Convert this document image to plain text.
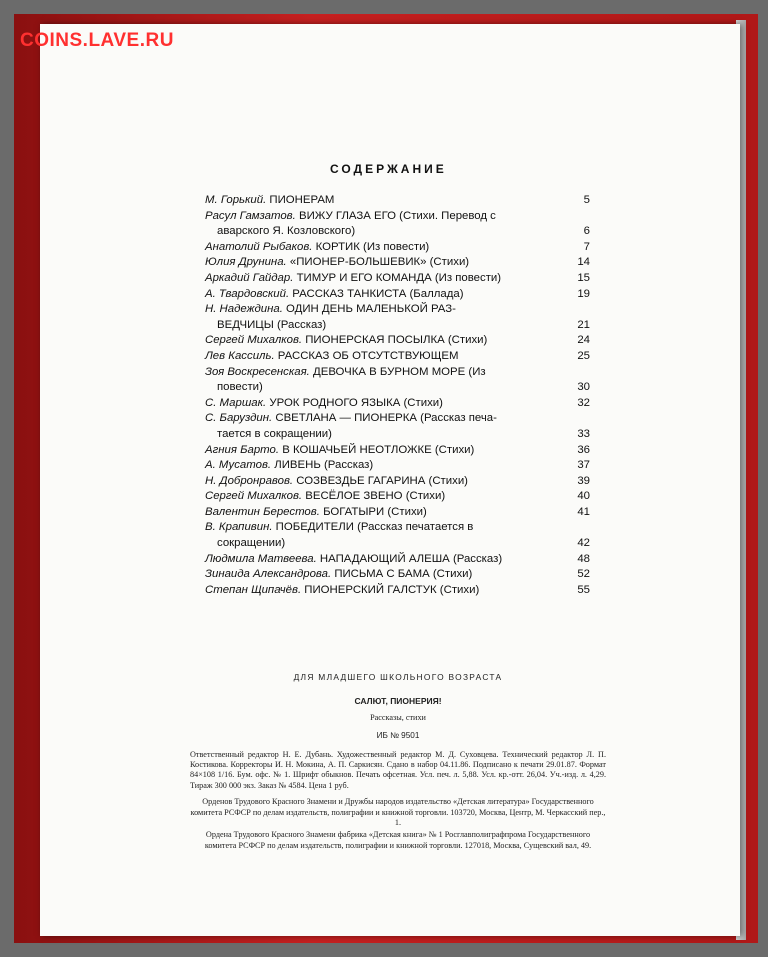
COINS.LAVE.RU
СОДЕРЖАНИЕ
М. Горький. ПИОНЕРАМ	5
Расул Гамзатов. ВИЖУ ГЛАЗА ЕГО (Стихи. Перевод с
аварского Я. Козловского)	6
Анатолий Рыбаков. КОРТИК (Из повести)	7
Юлия Друнина. «ПИОНЕР-БОЛЬШЕВИК» (Стихи)	14
Аркадий Гайдар. ТИМУР И ЕГО КОМАНДА (Из повести)	15
А. Твардовский. РАССКАЗ ТАНКИСТА (Баллада)	19
Н. Надеждина. ОДИН ДЕНЬ МАЛЕНЬКОЙ РАЗ-
ВЕДЧИЦЫ (Рассказ)	21
Сергей Михалков. ПИОНЕРСКАЯ ПОСЫЛКА (Стихи)	24
Лев Кассиль. РАССКАЗ ОБ ОТСУТСТВУЮЩЕМ	25
Зоя Воскресенская. ДЕВОЧКА В БУРНОМ МОРЕ (Из
повести)	30
С. Маршак. УРОК РОДНОГО ЯЗЫКА (Стихи)	32
С. Баруздин. СВЕТЛАНА — ПИОНЕРКА (Рассказ печа-
тается в сокращении)	33
Агния Барто. В КОШАЧЬЕЙ НЕОТЛОЖКЕ (Стихи)	36
А. Мусатов. ЛИВЕНЬ (Рассказ)	37
Н. Добронравов. СОЗВЕЗДЬЕ ГАГАРИНА (Стихи)	39
Сергей Михалков. ВЕСЁЛОЕ ЗВЕНО (Стихи)	40
Валентин Берестов. БОГАТЫРИ (Стихи)	41
В. Крапивин. ПОБЕДИТЕЛИ (Рассказ печатается в
сокращении)	42
Людмила Матвеева. НАПАДАЮЩИЙ АЛЕША (Рассказ)	48
Зинаида Александрова. ПИСЬМА С БАМА (Стихи)	52
Степан Щипачёв. ПИОНЕРСКИЙ ГАЛСТУК (Стихи)	55
ДЛЯ МЛАДШЕГО ШКОЛЬНОГО ВОЗРАСТА
САЛЮТ, ПИОНЕРИЯ!
Рассказы, стихи
ИБ № 9501
Ответственный редактор Н. Е. Дубань. Художественный редактор М. Д. Суховцева. Технический редактор Л. П. Костикова. Корректоры И. Н. Мокина, А. П. Саркисян. Сдано в набор 04.11.86. Подписано к печати 29.01.87. Формат 84×108 1/16. Бум. офс. № 1. Шрифт обыкнов. Печать офсетная. Усл. печ. л. 5,88. Усл. кр.-отт. 26,04. Уч.-изд. л. 4,29. Тираж 300 000 экз. Заказ № 4584. Цена 1 руб.
Орденов Трудового Красного Знамени и Дружбы народов издательство «Детская литература» Государственного комитета РСФСР по делам издательств, полиграфии и книжной торговли. 103720, Москва, Центр, М. Черкасский пер., 1.
Ордена Трудового Красного Знамени фабрика «Детская книга» № 1 Росглавполиграфпрома Государственного комитета РСФСР по делам издательств, полиграфии и книжной торговли. 127018, Москва, Сущевский вал, 49.
